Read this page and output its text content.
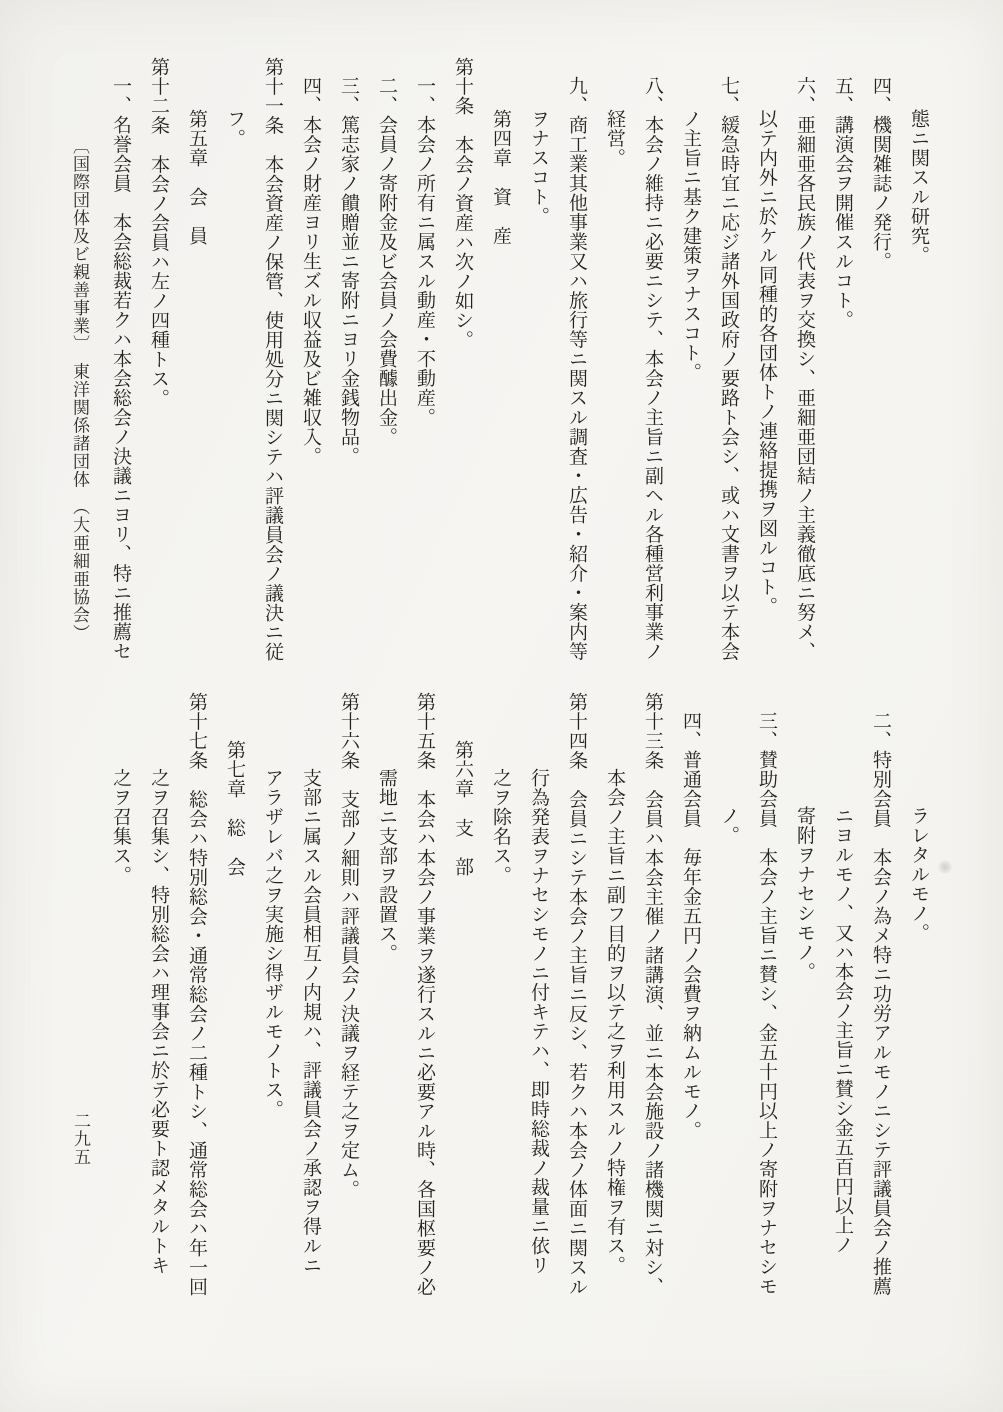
態ニ関スル研究。
四、機関雑誌ノ発行。
五、講演会ヲ開催スルコト。
六、亜細亜各民族ノ代表ヲ交換シ、亜細亜団結ノ主義徹底ニ努メ、
以テ内外ニ於ケル同種的各団体トノ連絡提携ヲ図ルコト。
七、緩急時宜ニ応ジ諸外国政府ノ要路ト会シ、或ハ文書ヲ以テ本会
ノ主旨ニ基ク建策ヲナスコト。
八、本会ノ維持ニ必要ニシテ、本会ノ主旨ニ副ヘル各種営利事業ノ
経営。
九、商工業其他事業又ハ旅行等ニ関スル調査・広告・紹介・案内等
ヲナスコト。
第四章　資　産
第十条　本会ノ資産ハ次ノ如シ。
一、本会ノ所有ニ属スル動産・不動産。
二、会員ノ寄附金及ビ会員ノ会費醵出金。
三、篤志家ノ饋贈並ニ寄附ニヨリ金銭物品。
四、本会ノ財産ヨリ生ズル収益及ビ雑収入。
第十一条　本会資産ノ保管、使用処分ニ関シテハ評議員会ノ議決ニ従
フ。
第五章　会　員
第十二条　本会ノ会員ハ左ノ四種トス。
一、名誉会員　本会総裁若クハ本会総会ノ決議ニヨリ、特ニ推薦セ
ラレタルモノ。
二、特別会員　本会ノ為メ特ニ功労アルモノニシテ評議員会ノ推薦
ニヨルモノ、又ハ本会ノ主旨ニ賛シ金五百円以上ノ
寄附ヲナセシモノ。
三、賛助会員　本会ノ主旨ニ賛シ、金五十円以上ノ寄附ヲナセシモ
ノ。
四、普通会員　毎年金五円ノ会費ヲ納ムルモノ。
第十三条　会員ハ本会主催ノ諸講演、並ニ本会施設ノ諸機関ニ対シ、
本会ノ主旨ニ副フ目的ヲ以テ之ヲ利用スルノ特権ヲ有ス。
第十四条　会員ニシテ本会ノ主旨ニ反シ、若クハ本会ノ体面ニ関スル
行為発表ヲナセシモノニ付キテハ、即時総裁ノ裁量ニ依リ
之ヲ除名ス。
第六章　支　部
第十五条　本会ハ本会ノ事業ヲ遂行スルニ必要アル時、各国枢要ノ必
需地ニ支部ヲ設置ス。
第十六条　支部ノ細則ハ評議員会ノ決議ヲ経テ之ヲ定ム。
支部ニ属スル会員相互ノ内規ハ、評議員会ノ承認ヲ得ルニ
アラザレバ之ヲ実施シ得ザルモノトス。
第七章　総　会
第十七条　総会ハ特別総会・通常総会ノ二種トシ、通常総会ハ年一回
之ヲ召集シ、特別総会ハ理事会ニ於テ必要ト認メタルトキ
之ヲ召集ス。
〔国際団体及ビ親善事業〕　東洋関係諸団体　（大亜細亜協会）
二九五
